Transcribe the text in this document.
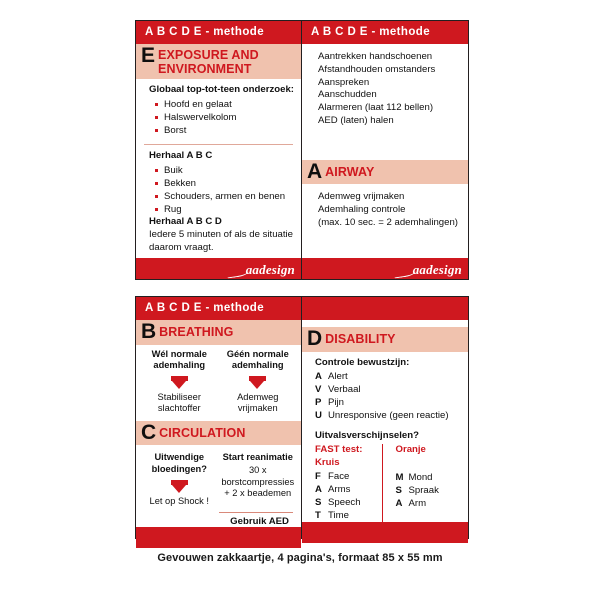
A B C D E - methode
E EXPOSURE AND ENVIRONMENT
Globaal top-tot-teen onderzoek:
Hoofd en gelaat
Halswervelkolom
Borst
Herhaal A B C
Buik
Bekken
Schouders, armen en benen
Rug
Herhaal A B C D
Iedere 5 minuten of als de situatie daarom vraagt.
aadesign
A B C D E - methode
Aantrekken handschoenen
Afstandhouden omstanders
Aanspreken
Aanschudden
Alarmeren (laat 112 bellen)
AED (laten) halen
A AIRWAY
Ademweg vrijmaken
Ademhaling controle
(max. 10 sec. = 2 ademhalingen)
aadesign
A B C D E - methode
B BREATHING
Wél normale ademhaling
Stabiliseer slachtoffer
Géén normale ademhaling
Ademweg vrijmaken
C CIRCULATION
Uitwendige bloedingen?
Let op Shock !
Start reanimatie
30 x borstcompressies + 2 x beademen
Gebruik AED

D DISABILITY
Controle bewustzijn:
A Alert
V Verbaal
P Pijn
U Unresponsive (geen reactie)
Uitvalsverschijnselen?
FAST test:
Kruis
F Face
A Arms
S Speech
T Time
Oranje
M Mond
S Spraak
A Arm
Gevouwen zakkaartje, 4 pagina's, formaat 85 x 55 mm
